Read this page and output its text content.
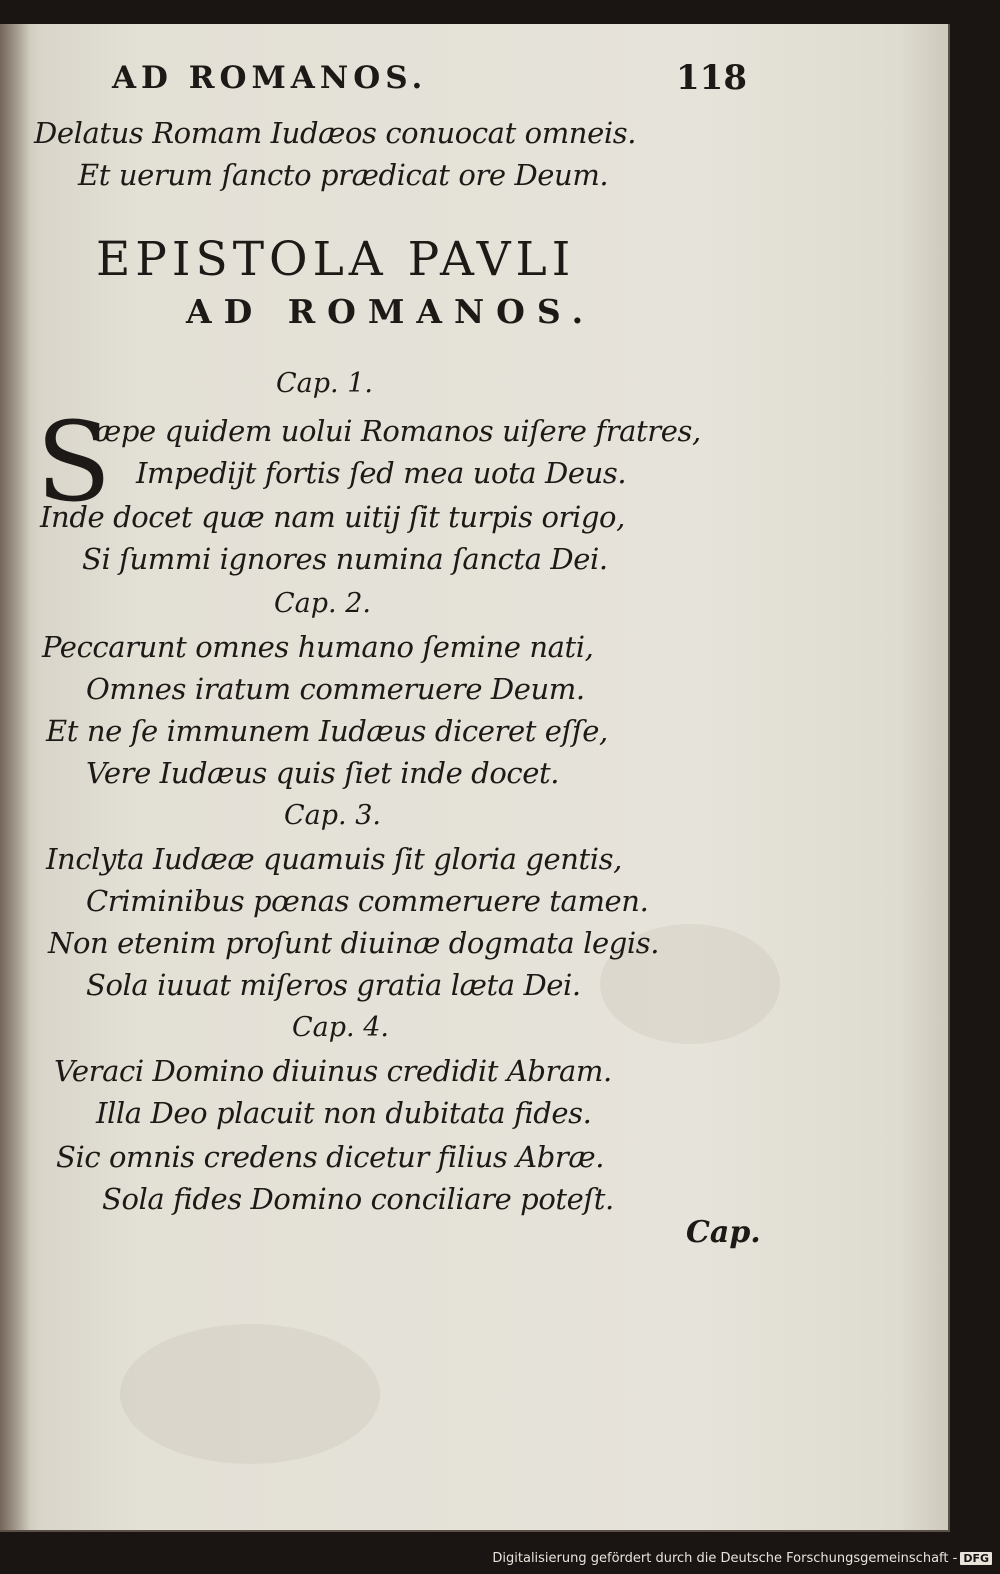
AD ROMANOS.	118
Delatus Romam Iudæos conuocat omneis.
Et uerum ſancto prædicat ore Deum.
EPISTOLA PAVLI
AD ROMANOS.
Cap. 1.
S
æpe quidem uolui Romanos uiſere fratres,
Impedijt fortis ſed mea uota Deus.
Inde docet quæ nam uitij ſit turpis origo,
Si ſummi ignores numina ſancta Dei.
Cap. 2.
Peccarunt omnes humano ſemine nati,
Omnes iratum commeruere Deum.
Et ne ſe immunem Iudæus diceret eſſe,
Vere Iudæus quis ſiet inde docet.
Cap. 3.
Inclyta Iudææ quamuis ſit gloria gentis,
Criminibus pœnas commeruere tamen.
Non etenim proſunt diuinæ dogmata legis.
Sola iuuat miſeros gratia læta Dei.
Cap. 4.
Veraci Domino diuinus credidit Abram.
Illa Deo placuit non dubitata fides.
Sic omnis credens dicetur filius Abræ.
Sola fides Domino conciliare poteſt.
Cap.
Digitalisierung gefördert durch die Deutsche Forschungsgemeinschaft - DFG
